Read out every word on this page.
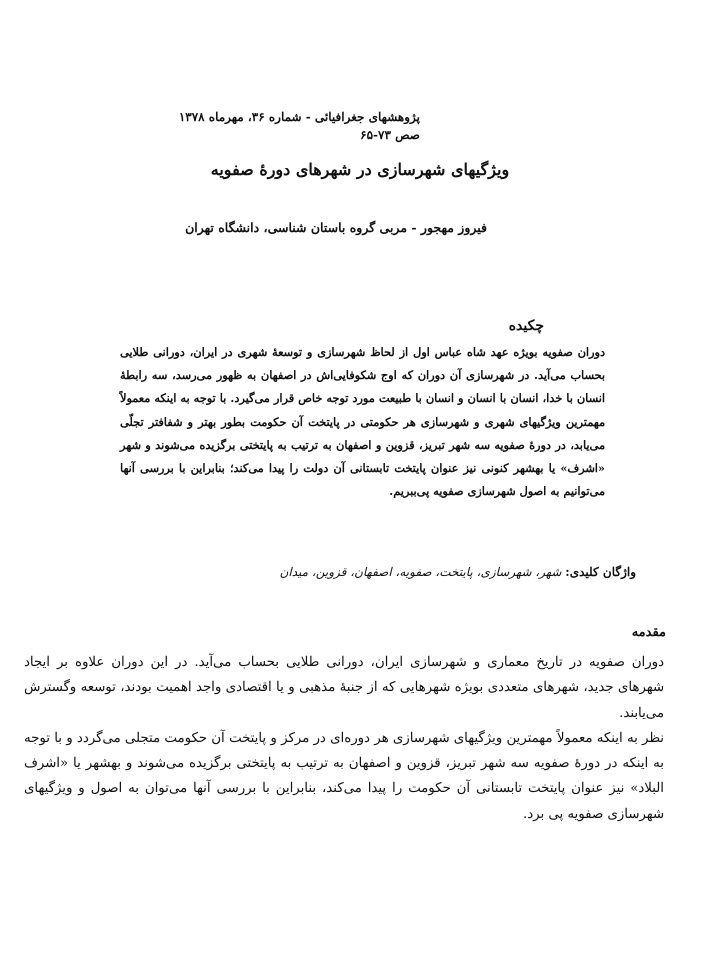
پژوهشهای جغرافیائی - شماره ۳۶، مهرماه ۱۳۷۸
صص ۷۳-۶۵
ویژگیهای شهرسازی در شهرهای دورهٔ صفویه
فیروز مهجور - مربی گروه باستان شناسی، دانشگاه تهران
چکیده
دوران صفویه بویژه عهد شاه عباس اول از لحاظ شهرسازی و توسعهٔ شهری در ایران، دورانی طلایی بحساب می‌آید. در شهرسازی آن دوران که اوج شکوفایی‌اش در اصفهان به ظهور می‌رسد، سه رابطهٔ انسان با خدا، انسان با انسان و انسان با طبیعت مورد توجه خاص قرار می‌گیرد. با توجه به اینکه معمولاً مهمترین ویژگیهای شهری و شهرسازی هر حکومتی در پایتخت آن حکومت بطور بهتر و شفافتر تجلّی می‌یابد، در دورهٔ صفویه سه شهر تبریز، قزوین و اصفهان به ترتیب به پایتختی برگزیده می‌شوند و شهر «اشرف» یا بهشهر کنونی نیز عنوان پایتخت تابستانی آن دولت را پیدا می‌کند؛ بنابراین با بررسی آنها می‌توانیم به اصول شهرسازی صفویه پی‌ببریم.
واژگان کلیدی: شهر، شهرسازی، پایتخت، صفویه، اصفهان، قزوین، میدان
مقدمه

دوران صفویه در تاریخ معماری و شهرسازی ایران، دورانی طلایی بحساب می‌آید. در این دوران علاوه بر ایجاد شهرهای جدید، شهرهای متعددی بویژه شهرهایی که از جنبهٔ مذهبی و یا اقتصادی واجد اهمیت بودند، توسعه وگسترش می‌یابند.

نظر به اینکه معمولاً مهمترین ویژگیهای شهرسازی هر دوره‌ای در مرکز و پایتخت آن حکومت متجلی می‌گردد و با توجه به اینکه در دورهٔ صفویه سه شهر تبریز، قزوین و اصفهان به ترتیب به پایتختی برگزیده می‌شوند و بهشهر یا «اشرف البلاد» نیز عنوان پایتخت تابستانی آن حکومت را پیدا می‌کند، بنابراین با بررسی آنها می‌توان به اصول و ویژگیهای شهرسازی صفویه پی برد.
